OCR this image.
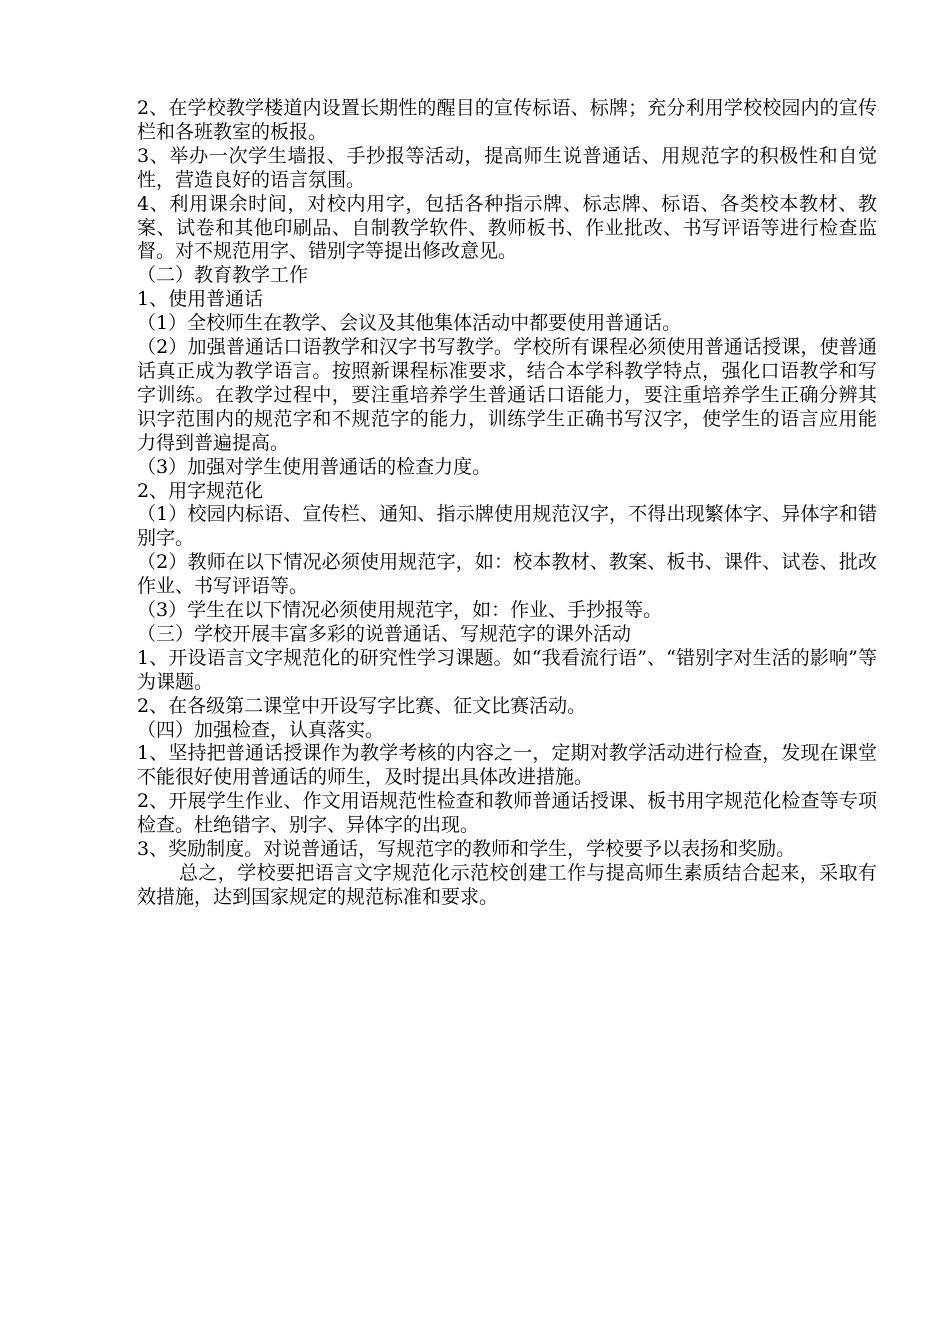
2、在学校教学楼道内设置长期性的醒目的宣传标语、标牌；充分利用学校校园内的宣传栏和各班教室的板报。

3、举办一次学生墙报、手抄报等活动，提高师生说普通话、用规范字的积极性和自觉性，营造良好的语言氛围。

4、利用课余时间，对校内用字，包括各种指示牌、标志牌、标语、各类校本教材、教案、试卷和其他印刷品、自制教学软件、教师板书、作业批改、书写评语等进行检查监督。对不规范用字、错别字等提出修改意见。

（二）教育教学工作

1、使用普通话

（1）全校师生在教学、会议及其他集体活动中都要使用普通话。

（2）加强普通话口语教学和汉字书写教学。学校所有课程必须使用普通话授课，使普通话真正成为教学语言。按照新课程标准要求，结合本学科教学特点，强化口语教学和写字训练。在教学过程中，要注重培养学生普通话口语能力，要注重培养学生正确分辨其识字范围内的规范字和不规范字的能力，训练学生正确书写汉字，使学生的语言应用能力得到普遍提高。

（3）加强对学生使用普通话的检查力度。

2、用字规范化

（1）校园内标语、宣传栏、通知、指示牌使用规范汉字，不得出现繁体字、异体字和错别字。

（2）教师在以下情况必须使用规范字，如：校本教材、教案、板书、课件、试卷、批改作业、书写评语等。

（3）学生在以下情况必须使用规范字，如：作业、手抄报等。

（三）学校开展丰富多彩的说普通话、写规范字的课外活动

1、开设语言文字规范化的研究性学习课题。如“我看流行语”、“错别字对生活的影响”等为课题。

2、在各级第二课堂中开设写字比赛、征文比赛活动。

（四）加强检查，认真落实。

1、坚持把普通话授课作为教学考核的内容之一，定期对教学活动进行检查，发现在课堂不能很好使用普通话的师生，及时提出具体改进措施。

2、开展学生作业、作文用语规范性检查和教师普通话授课、板书用字规范化检查等专项检查。杜绝错字、别字、异体字的出现。

3、奖励制度。对说普通话，写规范字的教师和学生，学校要予以表扬和奖励。

总之，学校要把语言文字规范化示范校创建工作与提高师生素质结合起来，采取有效措施，达到国家规定的规范标准和要求。
